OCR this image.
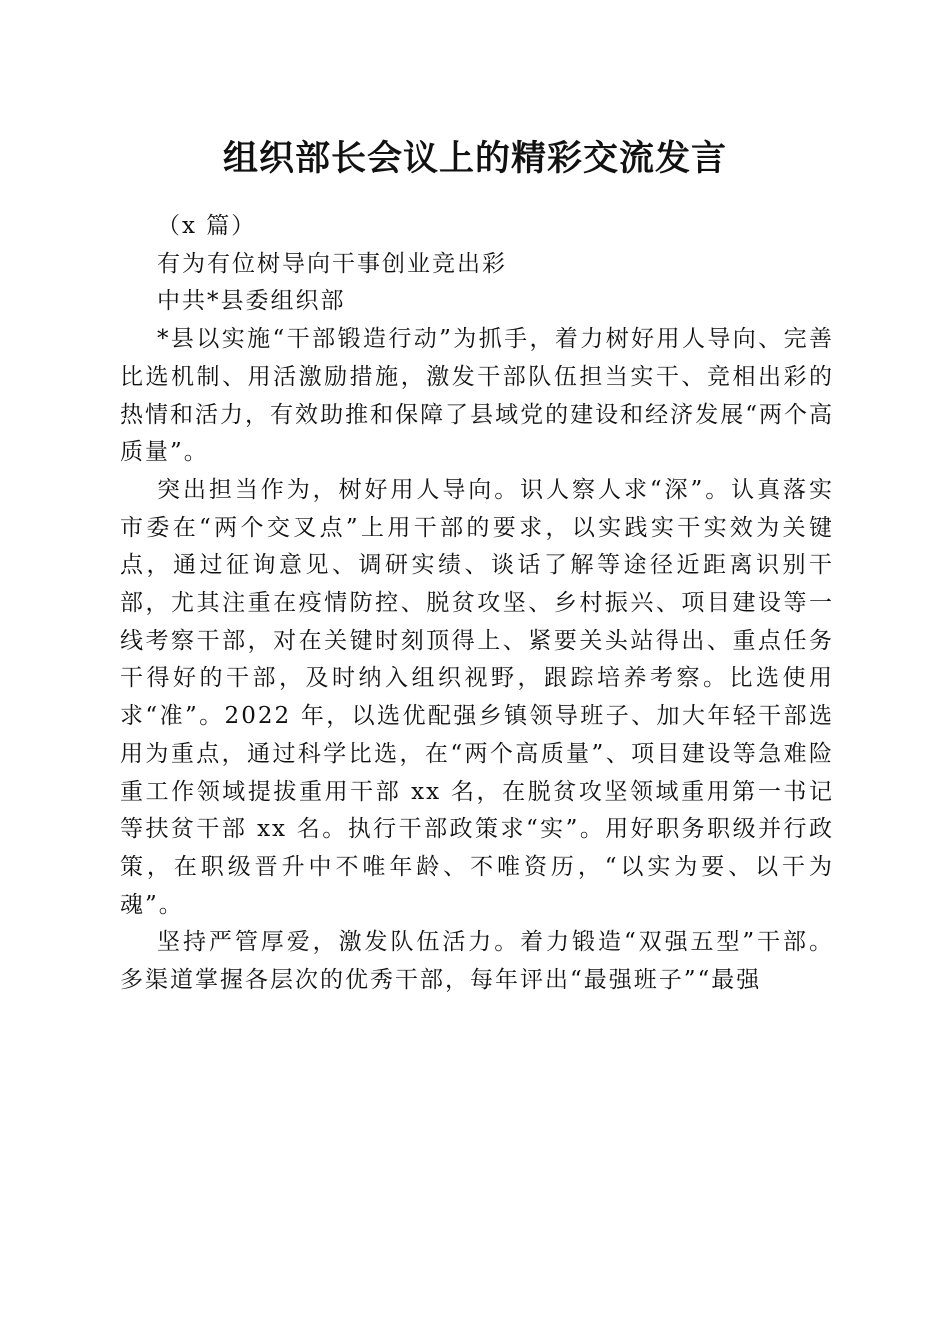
组织部长会议上的精彩交流发言

（x 篇）

有为有位树导向干事创业竞出彩

中共*县委组织部

*县以实施“干部锻造行动”为抓手，着力树好用人导向、完善比选机制、用活激励措施，激发干部队伍担当实干、竞相出彩的热情和活力，有效助推和保障了县域党的建设和经济发展“两个高质量”。

突出担当作为，树好用人导向。识人察人求“深”。认真落实市委在“两个交叉点”上用干部的要求，以实践实干实效为关键点，通过征询意见、调研实绩、谈话了解等途径近距离识别干部，尤其注重在疫情防控、脱贫攻坚、乡村振兴、项目建设等一线考察干部，对在关键时刻顶得上、紧要关头站得出、重点任务干得好的干部，及时纳入组织视野，跟踪培养考察。比选使用求“准”。2022 年，以选优配强乡镇领导班子、加大年轻干部选用为重点，通过科学比选，在“两个高质量”、项目建设等急难险重工作领域提拔重用干部 xx 名，在脱贫攻坚领域重用第一书记等扶贫干部 xx 名。执行干部政策求“实”。用好职务职级并行政策，在职级晋升中不唯年龄、不唯资历，“以实为要、以干为魂”。

坚持严管厚爱，激发队伍活力。着力锻造“双强五型”干部。多渠道掌握各层次的优秀干部，每年评出“最强班子”“最强
